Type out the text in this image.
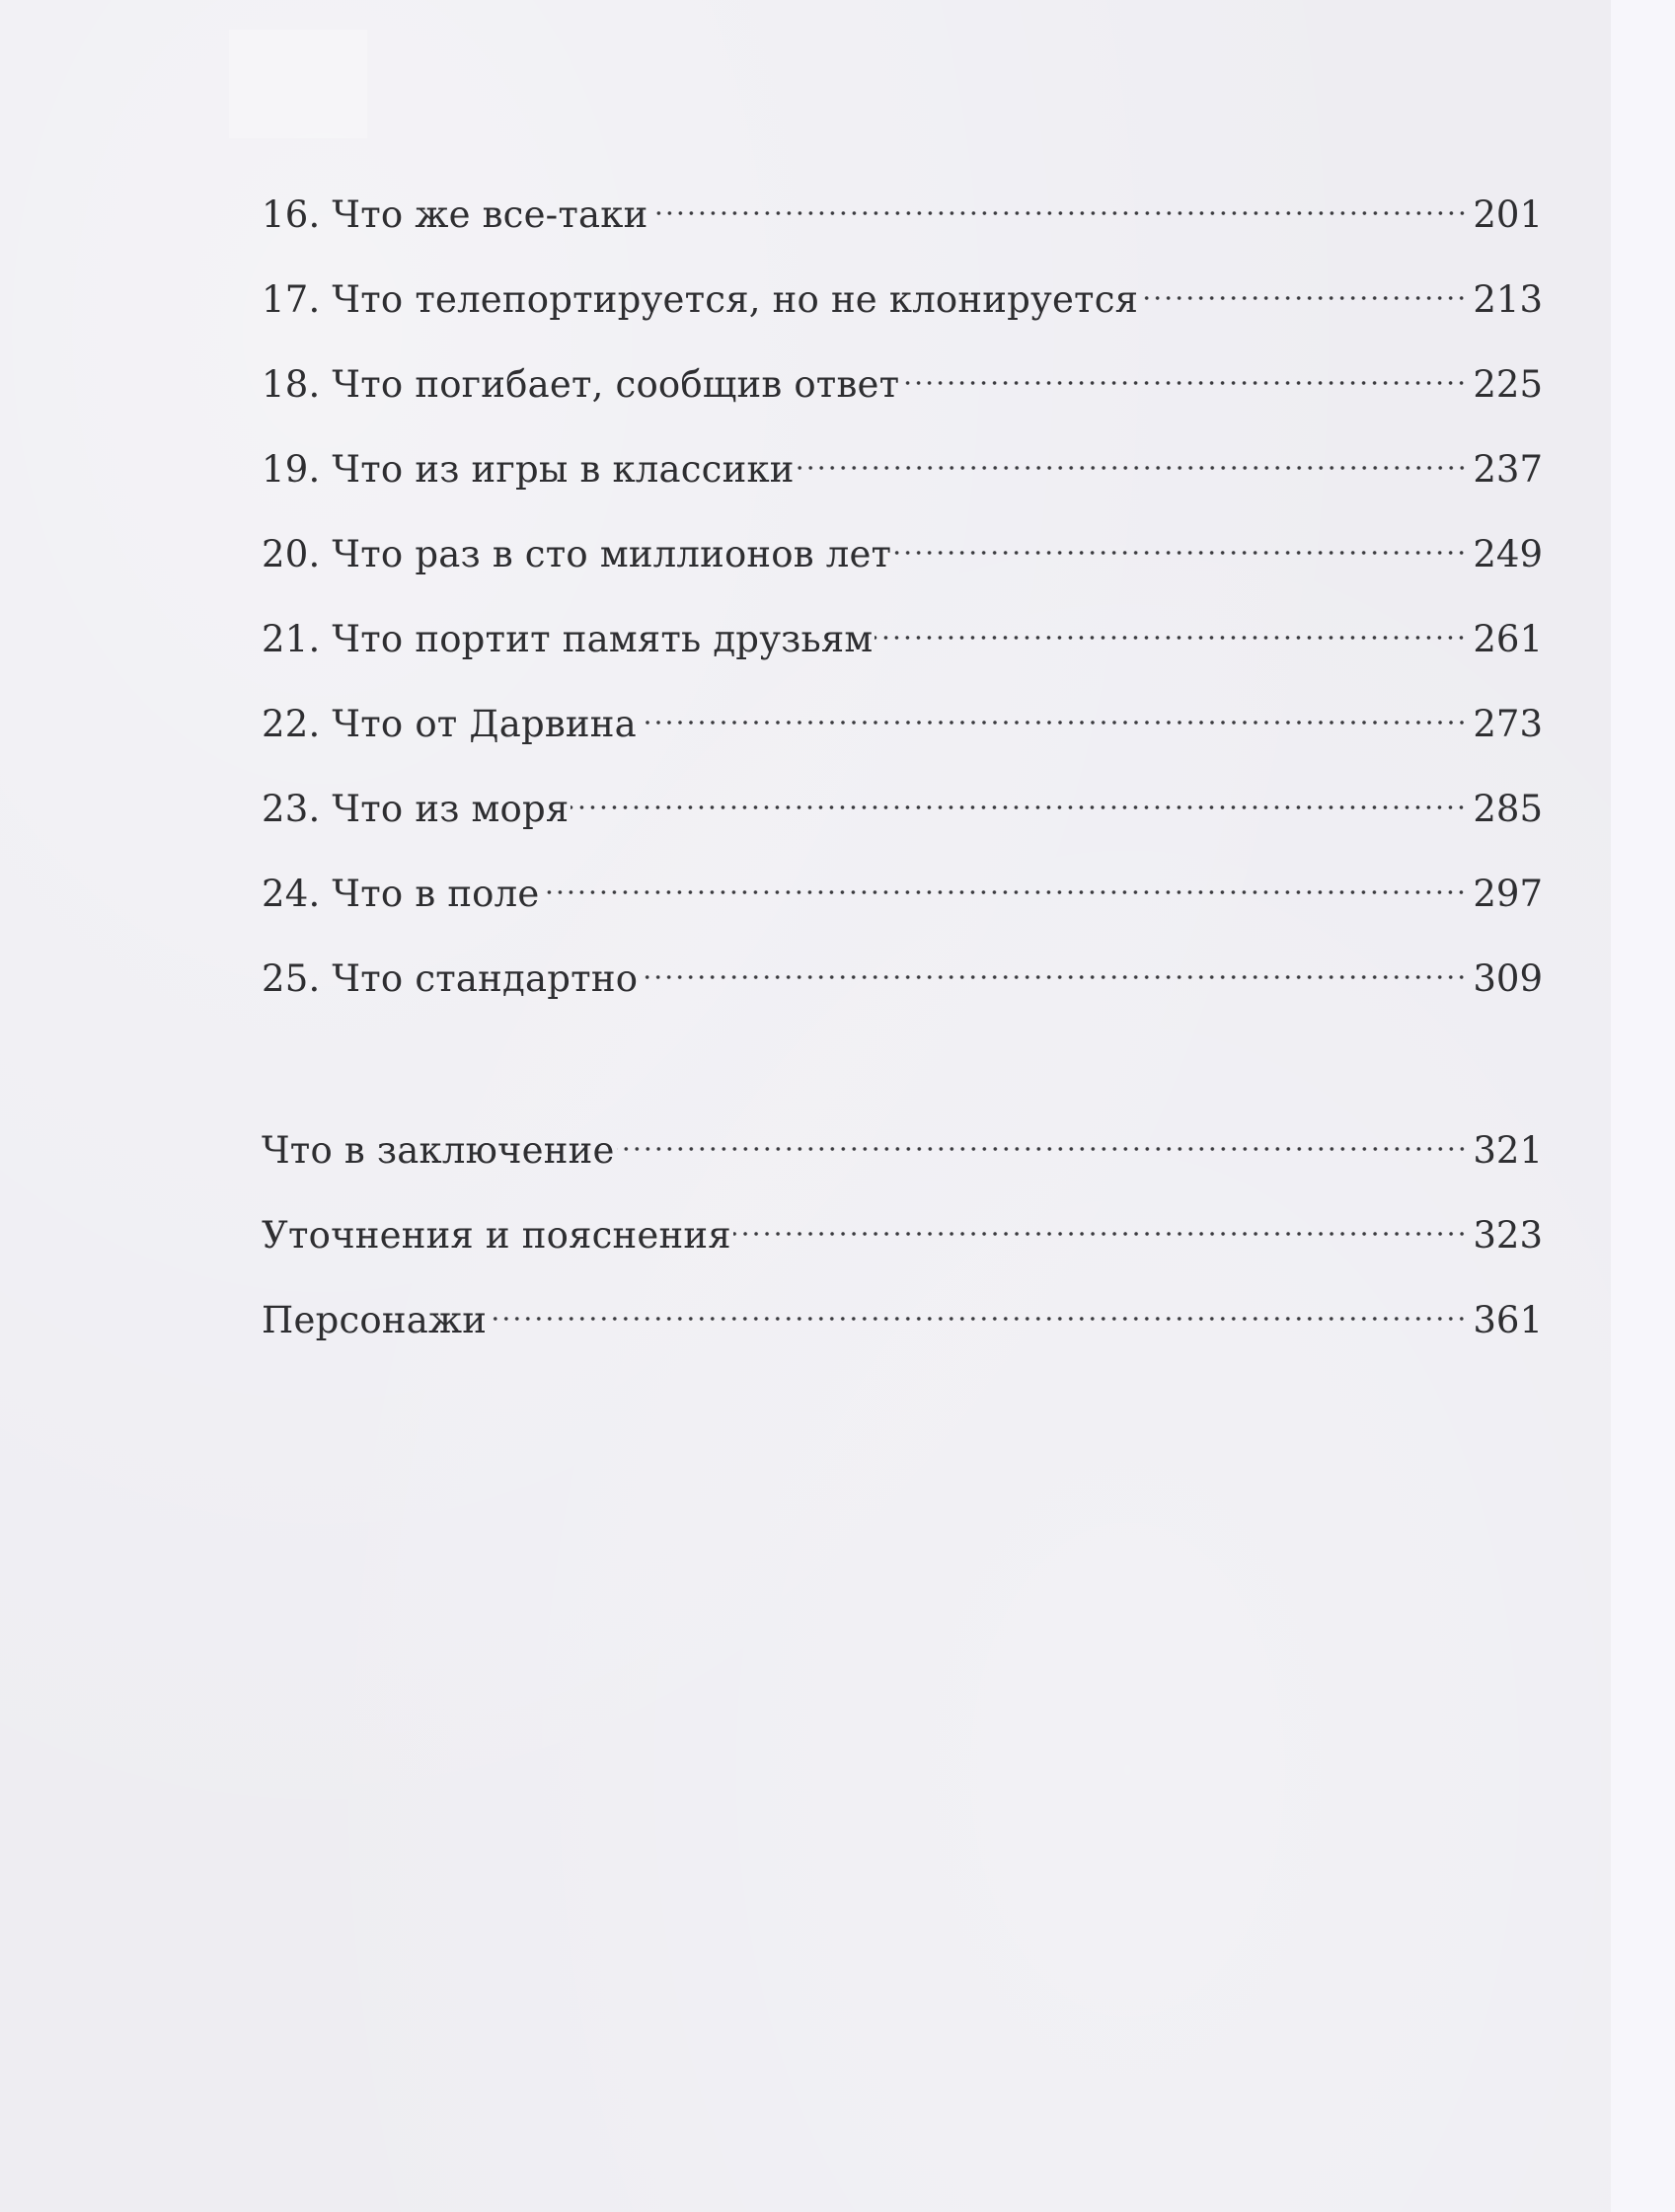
16. Что же все-таки	201
17. Что телепортируется, но не клонируется	213
18. Что погибает, сообщив ответ	225
19. Что из игры в классики	237
20. Что раз в сто миллионов лет	249
21. Что портит память друзьям	261
22. Что от Дарвина	273
23. Что из моря	285
24. Что в поле	297
25. Что стандартно	309
Что в заключение	321
Уточнения и пояснения	323
Персонажи	361
